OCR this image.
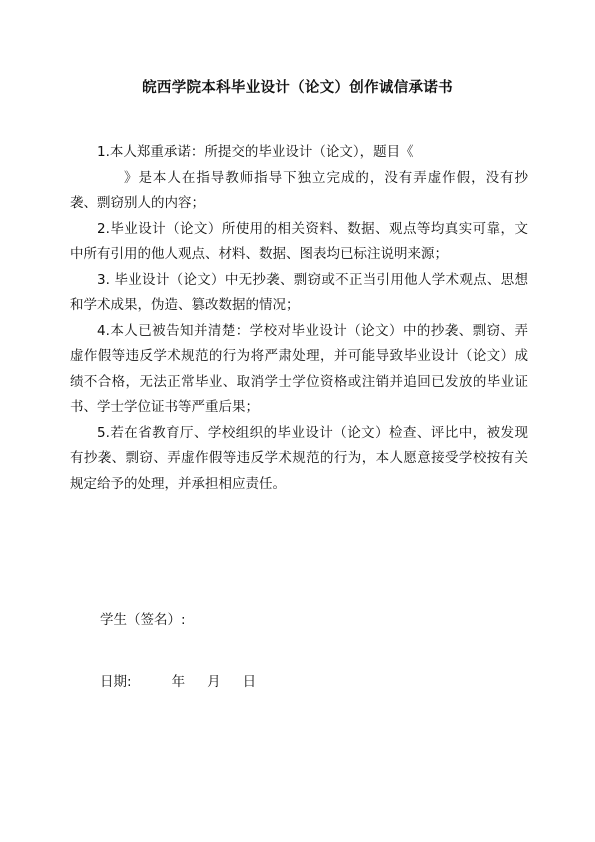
皖西学院本科毕业设计（论文）创作诚信承诺书

1.本人郑重承诺：所提交的毕业设计（论文），题目《

》是本人在指导教师指导下独立完成的，没有弄虚作假，没有抄袭、剽窃别人的内容；

2.毕业设计（论文）所使用的相关资料、数据、观点等均真实可靠，文中所有引用的他人观点、材料、数据、图表均已标注说明来源；

3. 毕业设计（论文）中无抄袭、剽窃或不正当引用他人学术观点、思想和学术成果，伪造、篡改数据的情况；

4.本人已被告知并清楚：学校对毕业设计（论文）中的抄袭、剽窃、弄虚作假等违反学术规范的行为将严肃处理，并可能导致毕业设计（论文）成绩不合格，无法正常毕业、取消学士学位资格或注销并追回已发放的毕业证书、学士学位证书等严重后果；

5.若在省教育厅、学校组织的毕业设计（论文）检查、评比中，被发现有抄袭、剽窃、弄虚作假等违反学术规范的行为，本人愿意接受学校按有关规定给予的处理，并承担相应责任。

学生（签名）:
日期:	年 月 日
